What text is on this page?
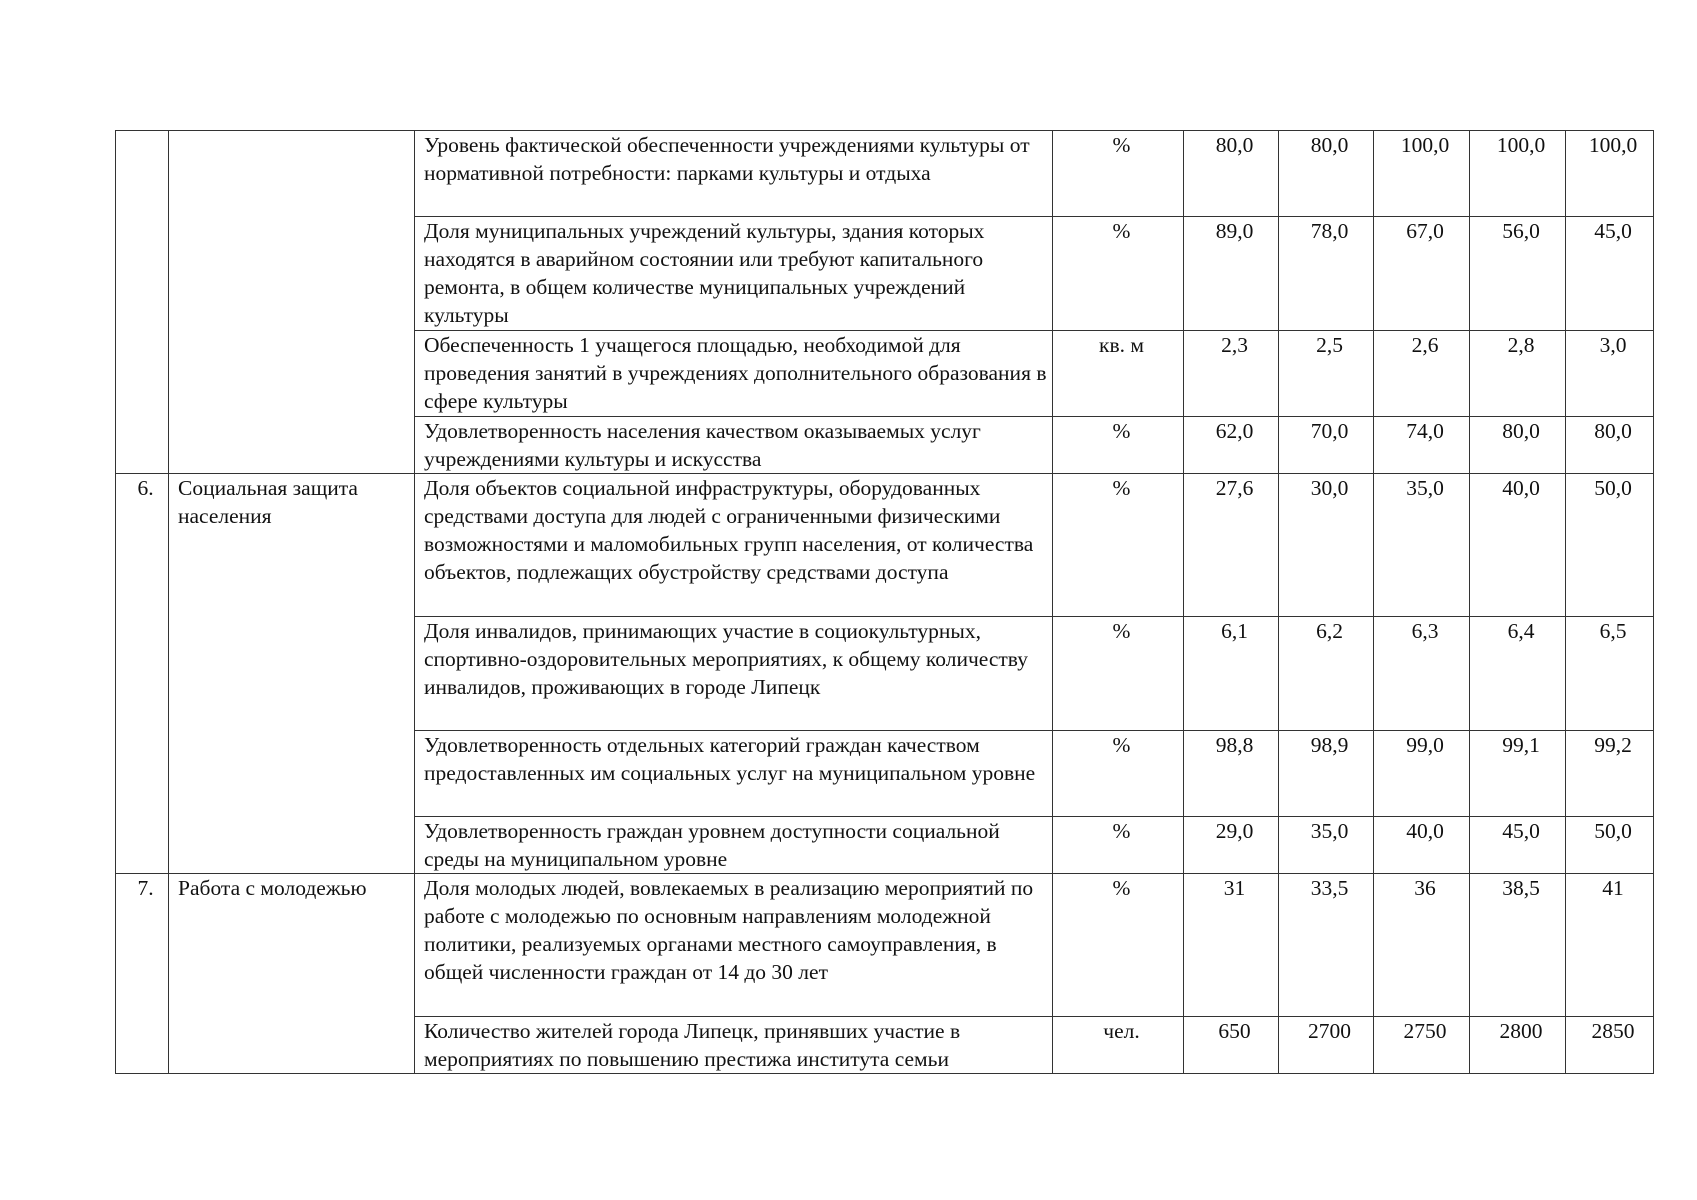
		Уровень фактической обеспеченности учреждениями культуры от нормативной потребности: парками культуры и отдыха	%	80,0	80,0	100,0	100,0	100,0
		Доля муниципальных учреждений культуры, здания которых находятся в аварийном состоянии или требуют капитального ремонта, в общем количестве муниципальных учреждений культуры	%	89,0	78,0	67,0	56,0	45,0
		Обеспеченность 1 учащегося площадью, необходимой для проведения занятий в учреждениях дополнительного образования в сфере культуры	кв. м	2,3	2,5	2,6	2,8	3,0
		Удовлетворенность населения качеством оказываемых услуг учреждениями культуры и искусства	%	62,0	70,0	74,0	80,0	80,0
6.	Социальная защита населения	Доля объектов социальной инфраструктуры, оборудованных средствами доступа для людей с ограниченными физическими возможностями и маломобильных групп населения, от количества объектов, подлежащих обустройству средствами доступа	%	27,6	30,0	35,0	40,0	50,0
		Доля инвалидов, принимающих участие в социокультурных, спортивно-оздоровительных мероприятиях, к общему количеству инвалидов, проживающих в городе Липецк	%	6,1	6,2	6,3	6,4	6,5
		Удовлетворенность отдельных категорий граждан качеством предоставленных им социальных услуг на муниципальном уровне	%	98,8	98,9	99,0	99,1	99,2
		Удовлетворенность граждан уровнем доступности социальной среды на муниципальном уровне	%	29,0	35,0	40,0	45,0	50,0
7.	Работа с молодежью	Доля молодых людей, вовлекаемых в реализацию мероприятий по работе с молодежью по основным направлениям молодежной политики, реализуемых органами местного самоуправления, в общей численности граждан от 14 до 30 лет	%	31	33,5	36	38,5	41
		Количество жителей города Липецк, принявших участие в мероприятиях по повышению престижа института семьи	чел.	650	2700	2750	2800	2850
